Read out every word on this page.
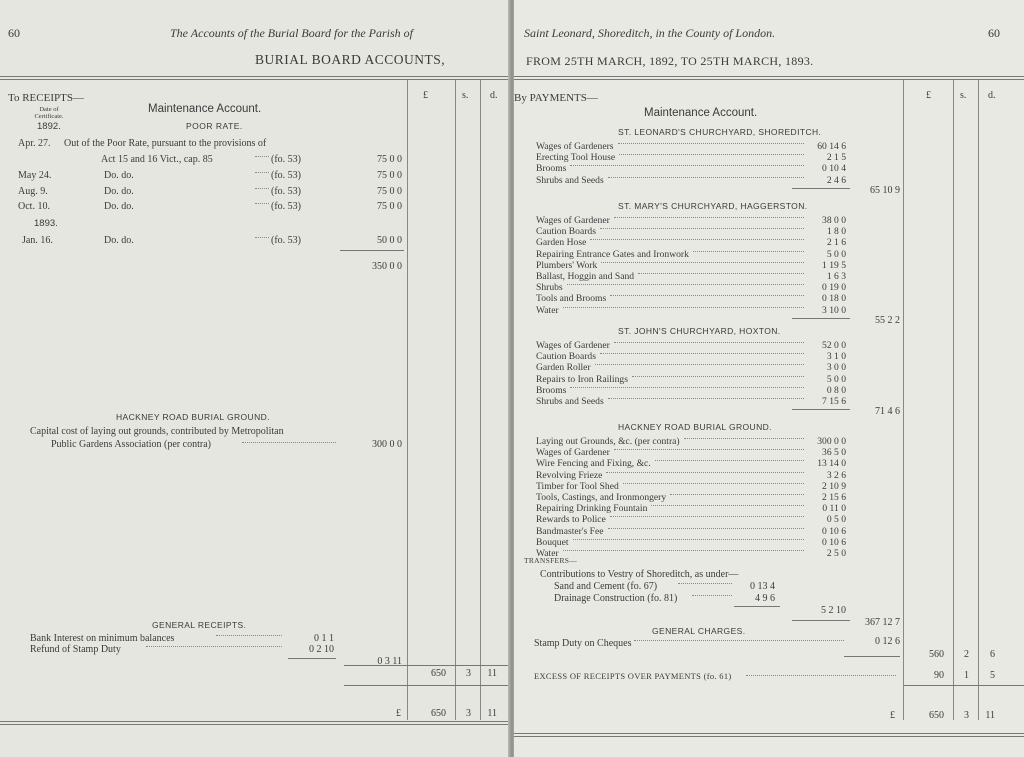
60	The Accounts of the Burial Board for the Parish of
BURIAL BOARD ACCOUNTS,
To RECEIPTS—	£	s. d.
Date of Certificate.
Maintenance Account.
1892.	POOR RATE.
Apr. 27. Out of the Poor Rate, pursuant to the provisions of
Act 15 and 16 Vict., cap. 85	(fo. 53)	75 0 0
May 24.	Do. do.	(fo. 53)	75 0 0
Aug. 9.	Do. do.	(fo. 53)	75 0 0
Oct. 10.	Do. do.	(fo. 53)	75 0 0
1893.
Jan. 16.	Do. do.	(fo. 53)	50 0 0
350 0 0
HACKNEY ROAD BURIAL GROUND.
Capital cost of laying out grounds, contributed by Metropolitan
Public Gardens Association (per contra)	300 0 0
GENERAL RECEIPTS.
Bank Interest on minimum balances	0 1 1
Refund of Stamp Duty	0 2 10
0 3 11
650	3	11
£	650	3	11
Saint Leonard, Shoreditch, in the County of London.	60
FROM 25TH MARCH, 1892, TO 25TH MARCH, 1893.
By PAYMENTS—	£	s. d.
Maintenance Account.
ST. LEONARD'S CHURCHYARD, SHOREDITCH.
Wages of Gardeners	60 14 6
Erecting Tool House	2 1 5
Brooms	0 10 4
Shrubs and Seeds	2 4 6
65 10 9
ST. MARY'S CHURCHYARD, HAGGERSTON.
Wages of Gardener	38 0 0
Caution Boards	1 8 0
Garden Hose	2 1 6
Repairing Entrance Gates and Ironwork	5 0 0
Plumbers' Work	1 19 5
Ballast, Hoggin and Sand	1 6 3
Shrubs	0 19 0
Tools and Brooms	0 18 0
Water	3 10 0
55 2 2
ST. JOHN'S CHURCHYARD, HOXTON.
Wages of Gardener	52 0 0
Caution Boards	3 1 0
Garden Roller	3 0 0
Repairs to Iron Railings	5 0 0
Brooms	0 8 0
Shrubs and Seeds	7 15 6
71 4 6
HACKNEY ROAD BURIAL GROUND.
Laying out Grounds, &c. (per contra)	300 0 0
Wages of Gardener	36 5 0
Wire Fencing and Fixing, &c.	13 14 0
Revolving Frieze	3 2 6
Timber for Tool Shed	2 10 9
Tools, Castings, and Ironmongery	2 15 6
Repairing Drinking Fountain	0 11 0
Rewards to Police	0 5 0
Bandmaster's Fee	0 10 6
Bouquet	0 10 6
Water	2 5 0
TRANSFERS—
Contributions to Vestry of Shoreditch, as under—
Sand and Cement (fo. 67)	0 13 4
Drainage Construction (fo. 81)	4 9 6
5 2 10
367 12 7
GENERAL CHARGES.
Stamp Duty on Cheques	0 12 6
560	2	6
EXCESS OF RECEIPTS OVER PAYMENTS (fo. 61)	90	1	5
£	650	3	11
